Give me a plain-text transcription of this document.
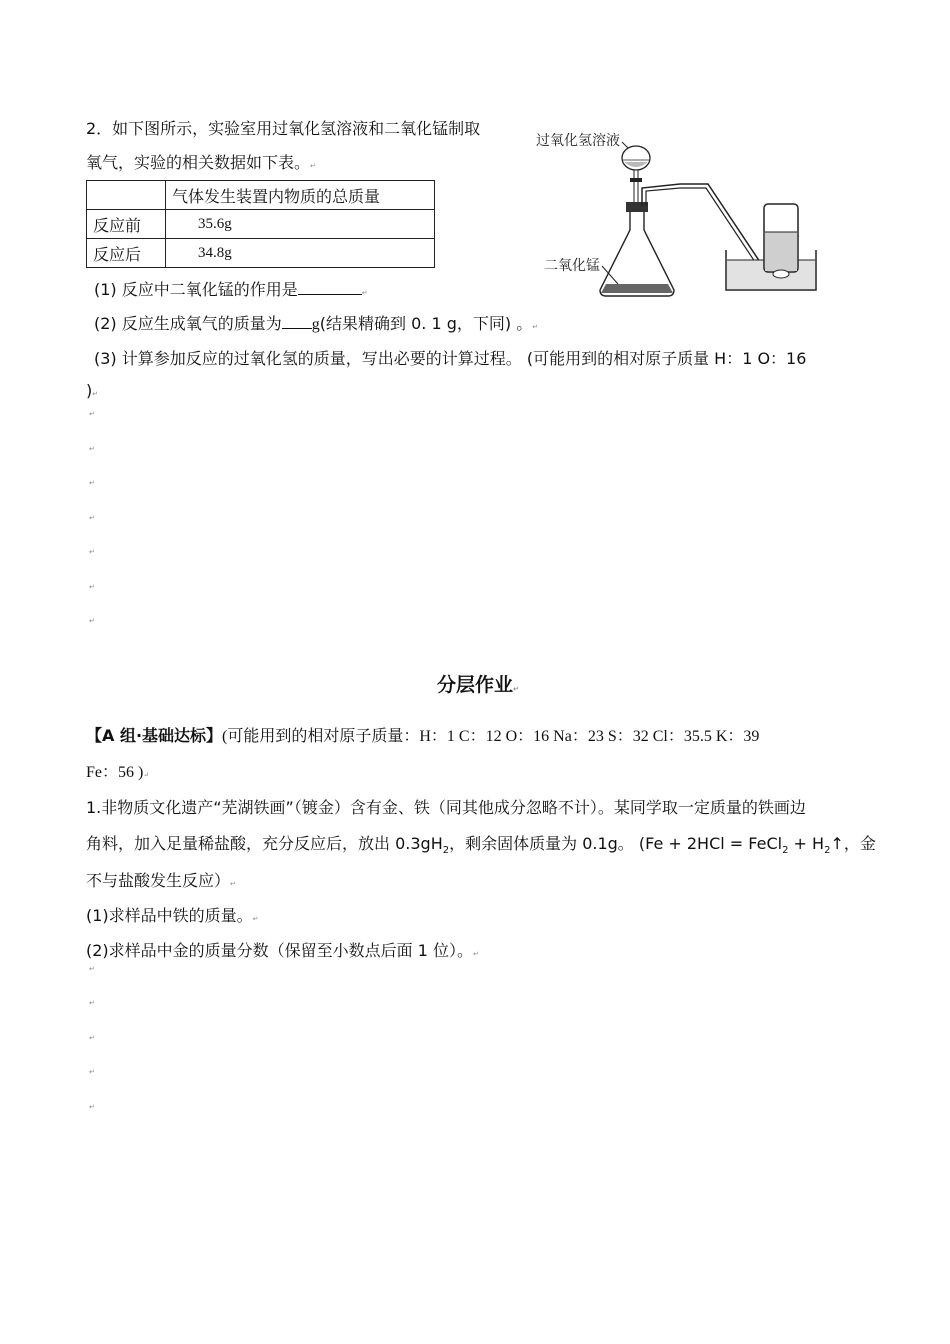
2．如下图所示，实验室用过氧化氢溶液和二氧化锰制取
氧气，实验的相关数据如下表。↵
	气体发生装置内物质的总质量
反应前	35.6g
反应后	34.8g
过氧化氢溶液
二氧化锰
(1) 反应中二氧化锰的作用是	↵
(2) 反应生成氧气的质量为 g(结果精确到 0. 1 g，下同) 。↵
(3) 计算参加反应的过氧化氢的质量，写出必要的计算过程。 (可能用到的相对原子质量 H：1 O：16
)↵
↵
↵
↵
↵
↵
↵
↵
分层作业↵
【A 组·基础达标】(可能用到的相对原子质量：H：1 C：12 O：16 Na：23 S：32 Cl：35.5 K：39
Fe：56 )↵
1.非物质文化遗产“芜湖铁画”（镀金）含有金、铁（同其他成分忽略不计）。某同学取一定质量的铁画边
角料，加入足量稀盐酸，充分反应后，放出 $0.3gH_2$，剩余固体质量为 0.1g。 (Fe + 2HCl = FeCl$_2$ + $H_2↑$，金
不与盐酸发生反应）↵
(1)求样品中铁的质量。↵
(2)求样品中金的质量分数（保留至小数点后面 1 位）。↵
↵
↵
↵
↵
↵
